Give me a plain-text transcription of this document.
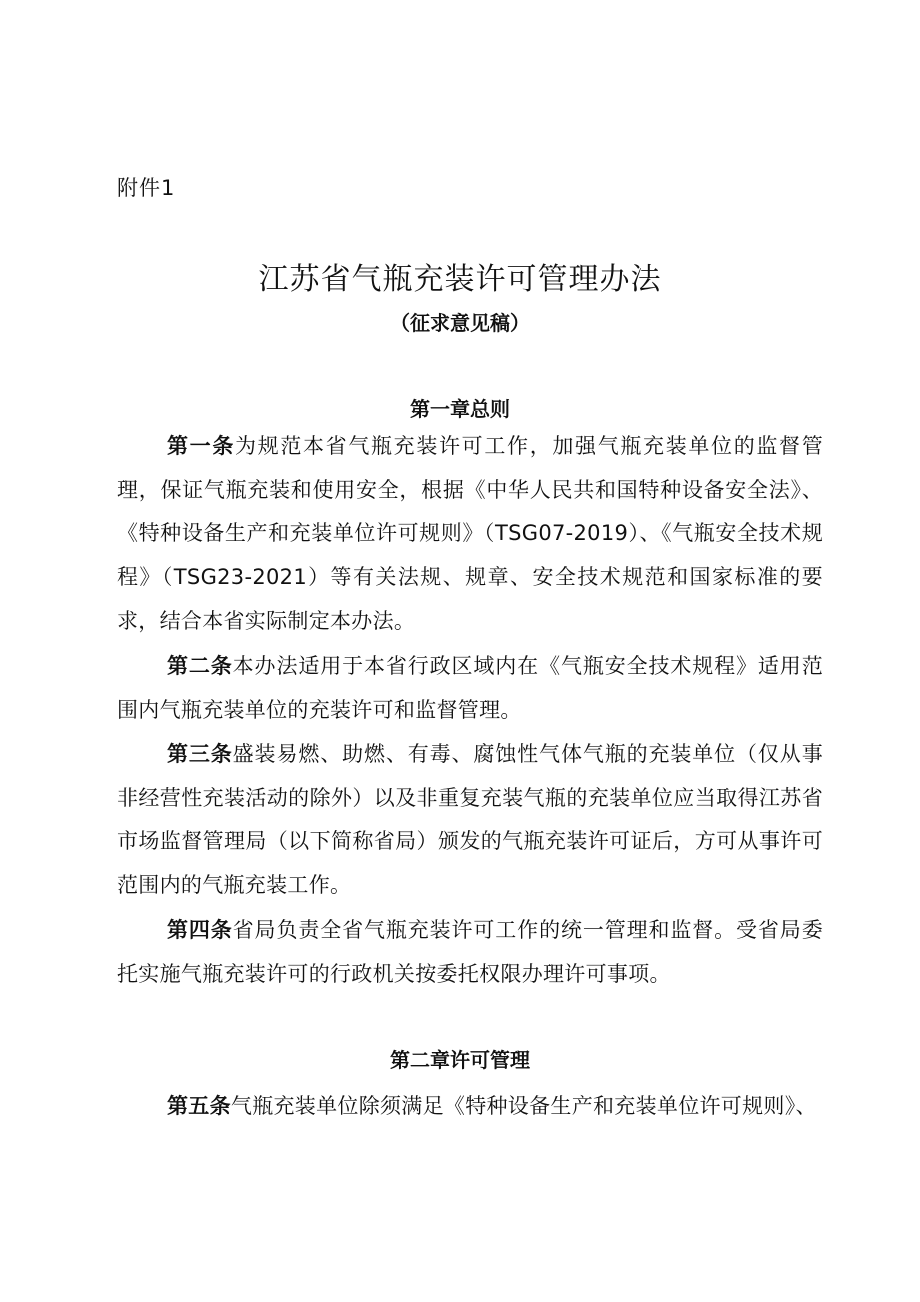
附件1
江苏省气瓶充装许可管理办法
（征求意见稿）
第一章总则

第一条为规范本省气瓶充装许可工作，加强气瓶充装单位的监督管理，保证气瓶充装和使用安全，根据《中华人民共和国特种设备安全法》、《特种设备生产和充装单位许可规则》（TSG07-2019）、《气瓶安全技术规程》（TSG23-2021）等有关法规、规章、安全技术规范和国家标准的要求，结合本省实际制定本办法。

第二条本办法适用于本省行政区域内在《气瓶安全技术规程》适用范围内气瓶充装单位的充装许可和监督管理。

第三条盛装易燃、助燃、有毒、腐蚀性气体气瓶的充装单位（仅从事非经营性充装活动的除外）以及非重复充装气瓶的充装单位应当取得江苏省市场监督管理局（以下简称省局）颁发的气瓶充装许可证后，方可从事许可范围内的气瓶充装工作。

第四条省局负责全省气瓶充装许可工作的统一管理和监督。受省局委托实施气瓶充装许可的行政机关按委托权限办理许可事项。

第二章许可管理

第五条气瓶充装单位除须满足《特种设备生产和充装单位许可规则》、
